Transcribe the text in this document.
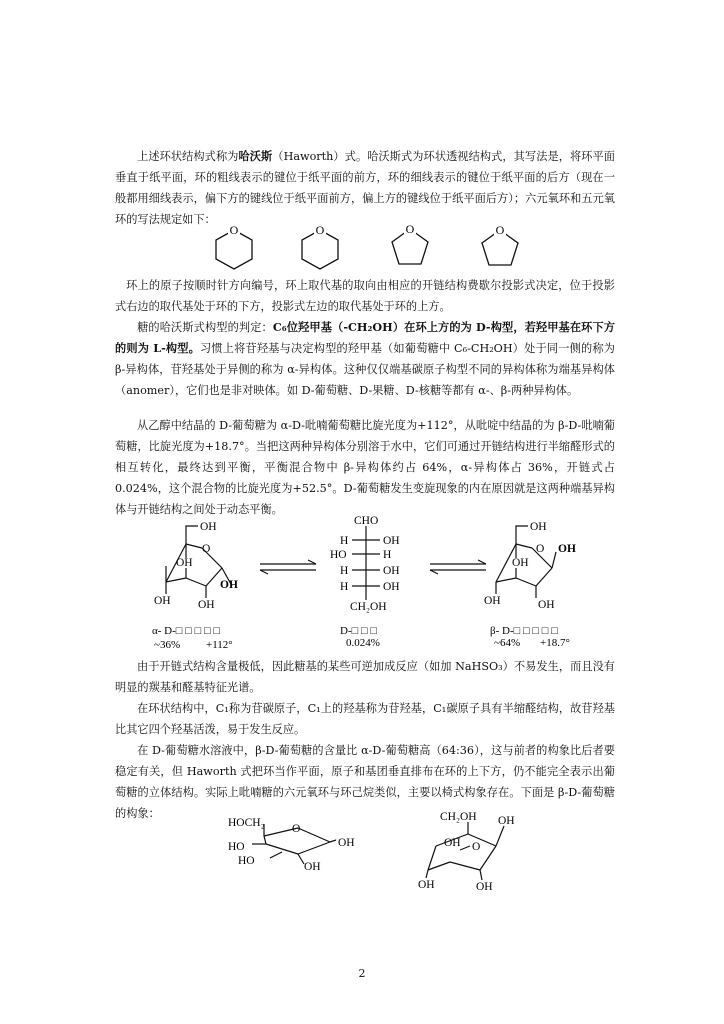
上述环状结构式称为哈沃斯（Haworth）式。哈沃斯式为环状透视结构式，其写法是，将环平面垂直于纸平面，环的粗线表示的键位于纸平面的前方，环的细线表示的键位于纸平面的后方（现在一般都用细线表示，偏下方的键线位于纸平面前方，偏上方的键线位于纸平面后方）；六元氧环和五元氧环的写法规定如下：

O	O	O	O

环上的原子按顺时针方向编号，环上取代基的取向由相应的开链结构费歇尔投影式决定，位于投影式右边的取代基处于环的下方，投影式左边的取代基处于环的上方。

糖的哈沃斯式构型的判定：C₆位羟甲基（-CH₂OH）在环上方的为 D-构型，若羟甲基在环下方的则为 L-构型。习惯上将苷羟基与决定构型的羟甲基（如葡萄糖中 C₆-CH₂OH）处于同一侧的称为 β-异构体，苷羟基处于异侧的称为 α-异构体。这种仅仅端基碳原子构型不同的异构体称为端基异构体（anomer），它们也是非对映体。如 D-葡萄糖、D-果糖、D-核糖等都有 α-、β-两种异构体。

从乙醇中结晶的 D-葡萄糖为 α-D-吡喃葡萄糖比旋光度为+112°，从吡啶中结晶的为 β-D-吡喃葡萄糖，比旋光度为+18.7°。当把这两种异构体分别溶于水中，它们可通过开链结构进行半缩醛形式的相互转化，最终达到平衡，平衡混合物中 β-异构体约占 64%，α-异构体占 36%，开链式占 0.024%，这个混合物的比旋光度为+52.5°。D-葡萄糖发生变旋现象的内在原因就是这两种端基异构体与开链结构之间处于动态平衡。

OH
O
OH
OH
OH
OH
CHO
H	OH
HO	H
H	OH
H	OH
CH₂OH
OH
O OH
OH
OH	OH
α- D-□ □ □ □ □
~36% +112°
D-□ □ □
0.024%
β- D-□ □ □ □ □
~64% +18.7°

由于开链式结构含量极低，因此糖基的某些可逆加成反应（如加 NaHSO₃）不易发生，而且没有明显的羰基和醛基特征光谱。

在环状结构中，C₁称为苷碳原子，C₁上的羟基称为苷羟基，C₁碳原子具有半缩醛结构，故苷羟基比其它四个羟基活泼，易于发生反应。

在 D-葡萄糖水溶液中，β-D-葡萄糖的含量比 α-D-葡萄糖高（64:36），这与前者的构象比后者要稳定有关，但 Haworth 式把环当作平面，原子和基团垂直排布在环的上下方，仍不能完全表示出葡萄糖的立体结构。实际上吡喃糖的六元氧环与环己烷类似，主要以椅式构象存在。下面是 β-D-葡萄糖的构象：

HOCH₂ O
OH
HO
HO	OH
CH₂OH OH
OH O
OH	OH
2
